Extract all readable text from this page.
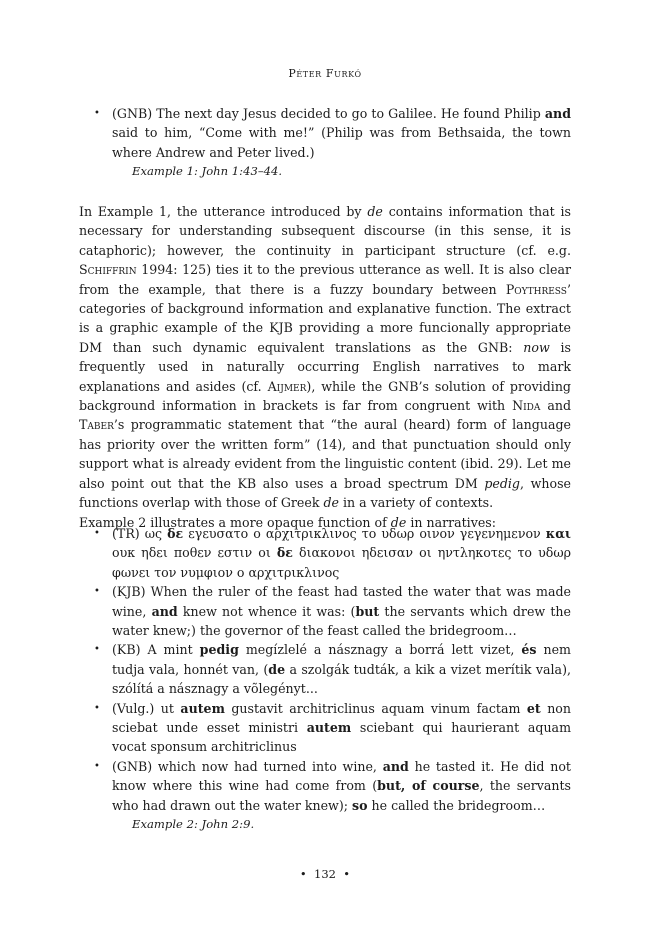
Péter Furkó
• (GNB) The next day Jesus decided to go to Galilee. He found Philip and said to him, “Come with me!” (Philip was from Bethsaida, the town where Andrew and Peter lived.)
Example 1: John 1:43–44.

In Example 1, the utterance introduced by de contains information that is necessary for understanding subsequent discourse (in this sense, it is cataphoric); however, the continuity in participant structure (cf. e.g. Schiffrin 1994: 125) ties it to the previous utterance as well. It is also clear from the example, that there is a fuzzy boundary between Poythress’ categories of background information and explanative function. The extract is a graphic example of the KJB providing a more funcionally appropriate DM than such dynamic equivalent translations as the GNB: now is frequently used in naturally occurring English narratives to mark explanations and asides (cf. Aijmer), while the GNB’s solution of providing background information in brackets is far from congruent with Nida and Taber’s programmatic statement that “the aural (heard) form of language has priority over the written form” (14), and that punctuation should only support what is already evident from the linguistic content (ibid. 29). Let me also point out that the KB also uses a broad spectrum DM pedig, whose functions overlap with those of Greek de in a variety of contexts.

Example 2 illustrates a more opaque function of de in narratives:

• (TR) ως δε εγευσατο ο αρχιτρικλινος το υδωρ οινον γεγενημενον και ουκ ηδει ποθεν εστιν οι δε διακονοι ηδεισαν οι ηντληκοτες το υδωρ φωνει τον νυμφιον ο αρχιτρικλινος
• (KJB) When the ruler of the feast had tasted the water that was made wine, and knew not whence it was: (but the servants which drew the water knew;) the governor of the feast called the bridegroom…
• (KB) A mint pedig megízlelé a násznagy a borrá lett vizet, és nem tudja vala, honnét van, (de a szolgák tudták, a kik a vizet merítik vala), szólítá a násznagy a võlegényt...
• (Vulg.) ut autem gustavit architriclinus aquam vinum factam et non sciebat unde esset ministri autem sciebant qui haurierant aquam vocat sponsum architriclinus
• (GNB) which now had turned into wine, and he tasted it. He did not know where this wine had come from (but, of course, the servants who had drawn out the water knew); so he called the bridegroom…
Example 2: John 2:9.
• 132 •
